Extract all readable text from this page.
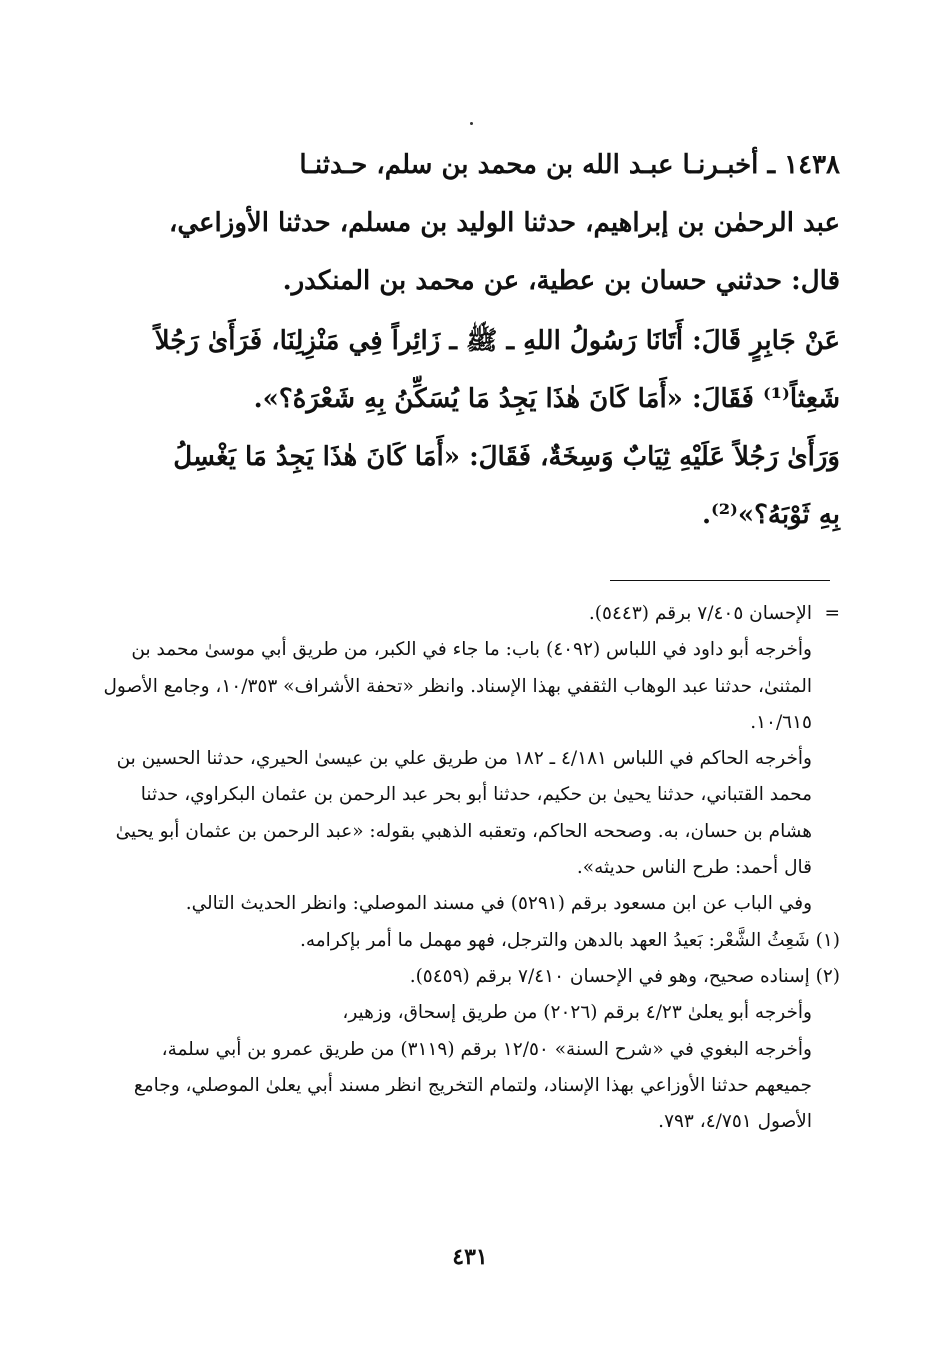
١٤٣٨ ـ أخبـرنـا عبـد الله بن محمد بن سلم، حـدثنـا
عبد الرحمٰن بن إبراهيم، حدثنا الوليد بن مسلم، حدثنا الأوزاعي،
قال: حدثني حسان بن عطية، عن محمد بن المنكدر.
عَنْ جَابِرٍ قَالَ: أَتَانَا رَسُولُ اللهِ ـ ﷺ ـ زَائِراً فِي مَنْزِلِنَا، فَرَأَىٰ رَجُلاً
شَعِثاً⁽¹⁾ فَقَالَ: «أَمَا كَانَ هٰذَا يَجِدُ مَا يُسَكِّنُ بِهِ شَعْرَهُ؟».
وَرَأَىٰ رَجُلاً عَلَيْهِ ثِيَابٌ وَسِخَةٌ، فَقَالَ: «أَمَا كَانَ هٰذَا يَجِدُ مَا يَغْسِلُ
بِهِ ثَوْبَهُ؟»⁽²⁾.

=
الإحسان ٧/٤٠٥ برقم (٥٤٤٣).

وأخرجه أبو داود في اللباس (٤٠٩٢) باب: ما جاء في الكبر، من طريق أبي موسىٰ محمد بن المثنىٰ، حدثنا عبد الوهاب الثقفي بهذا الإسناد. وانظر «تحفة الأشراف» ١٠/٣٥٣، وجامع الأصول ١٠/٦١٥.

وأخرجه الحاكم في اللباس ٤/١٨١ ـ ١٨٢ من طريق علي بن عيسىٰ الحيري، حدثنا الحسين بن محمد القتباني، حدثنا يحيىٰ بن حكيم، حدثنا أبو بحر عبد الرحمن بن عثمان البكراوي، حدثنا هشام بن حسان، به. وصححه الحاكم، وتعقبه الذهبي بقوله: «عبد الرحمن بن عثمان أبو يحيىٰ قال أحمد: طرح الناس حديثه».

وفي الباب عن ابن مسعود برقم (٥٢٩١) في مسند الموصلي: وانظر الحديث التالي.

(١) شَعِثُ الشَّعْر: بَعيدُ العهد بالدهن والترجل، فهو مهمل ما أمر بإكرامه.

(٢) إسناده صحيح، وهو في الإحسان ٧/٤١٠ برقم (٥٤٥٩).

وأخرجه أبو يعلىٰ ٤/٢٣ برقم (٢٠٢٦) من طريق إسحاق، وزهير،

وأخرجه البغوي في «شرح السنة» ١٢/٥٠ برقم (٣١١٩) من طريق عمرو بن أبي سلمة، جميعهم حدثنا الأوزاعي بهذا الإسناد، ولتمام التخريج انظر مسند أبي يعلىٰ الموصلي، وجامع الأصول ٤/٧٥١، ٧٩٣.

٤٣١
